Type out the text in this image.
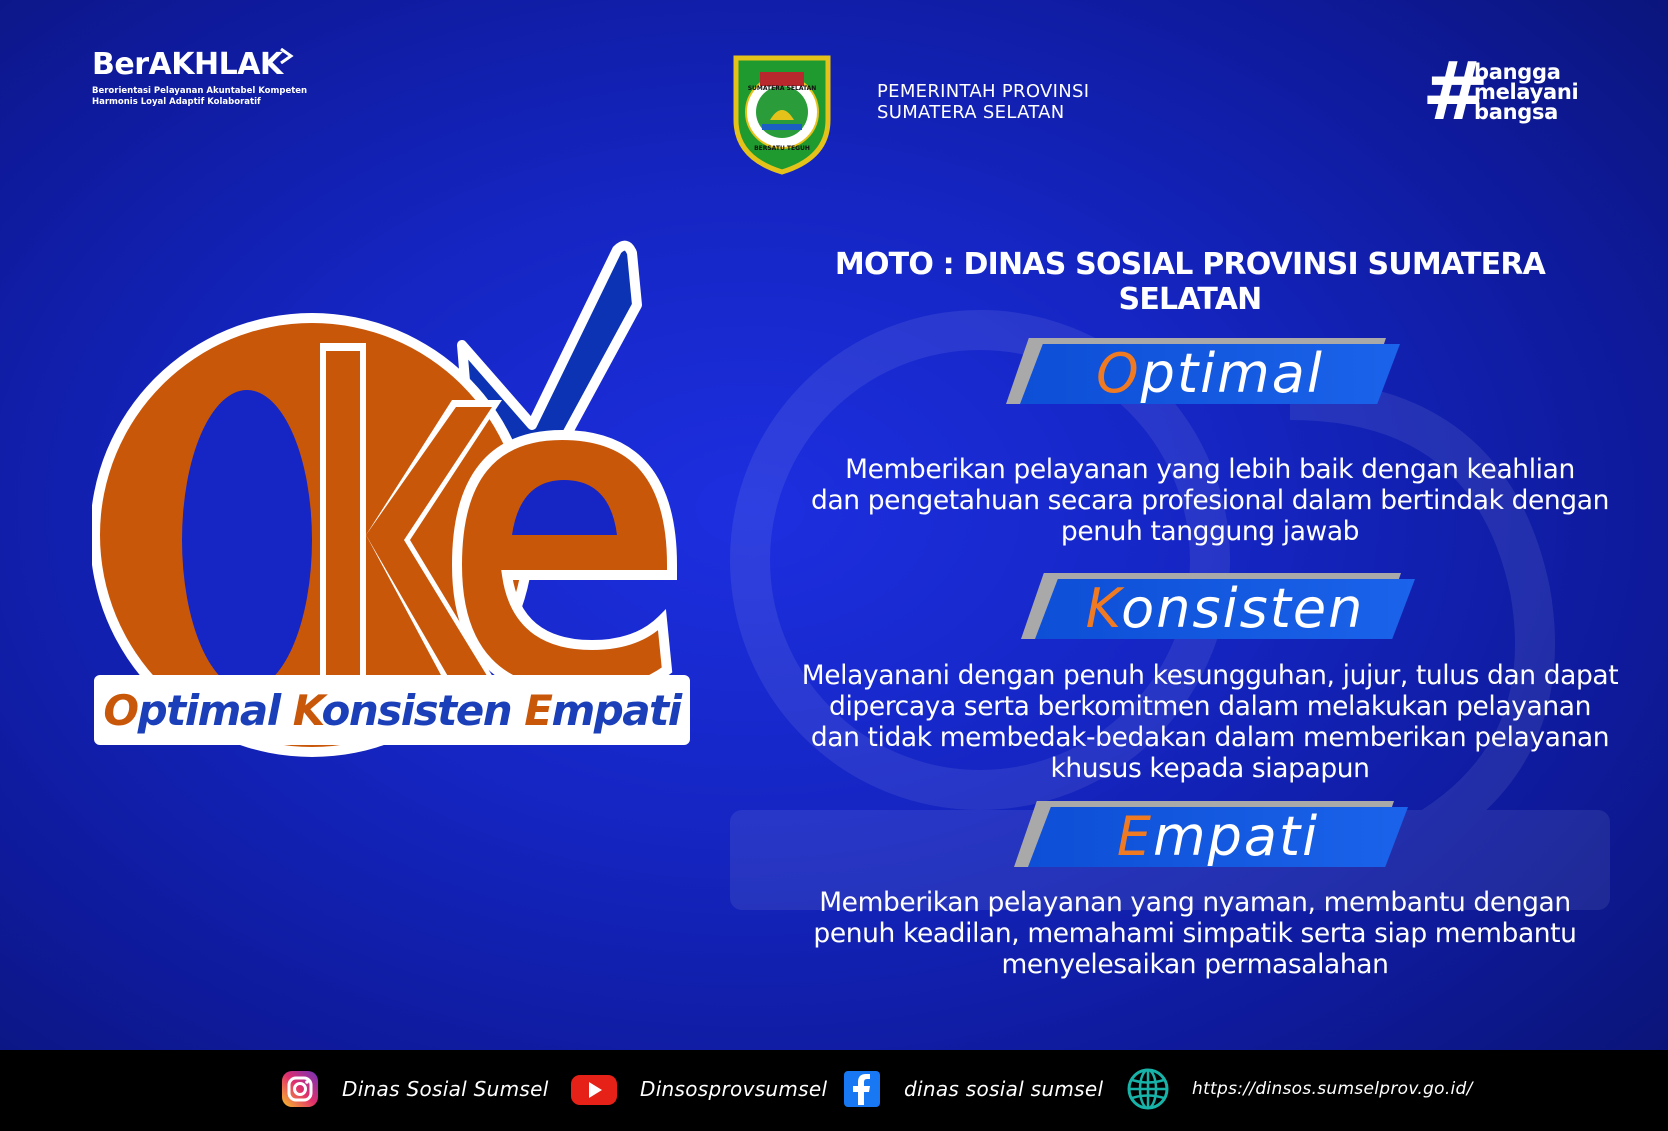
BerAKHLAK
Berorientasi Pelayanan Akuntabel Kompeten
Harmonis Loyal Adaptif Kolaboratif
SUMATERA SELATAN
BERSATU TEGUH
PEMERINTAH PROVINSI
SUMATERA SELATAN	#
bangga
melayani
bangsa
Optimal Konsisten Empati
MOTO : DINAS SOSIAL PROVINSI SUMATERA SELATAN
Optimal
Memberikan pelayanan yang lebih baik dengan keahlian
dan pengetahuan secara profesional dalam bertindak dengan
penuh tanggung jawab
Konsisten
Melayanani dengan penuh kesungguhan, jujur, tulus dan dapat
dipercaya serta berkomitmen dalam melakukan pelayanan
dan tidak membedak-bedakan dalam memberikan pelayanan
khusus kepada siapapun
Empati
Memberikan pelayanan yang nyaman, membantu dengan
penuh keadilan, memahami simpatik serta siap membantu
menyelesaikan permasalahan
Dinas Sosial Sumsel	Dinsosprovsumsel	dinas sosial sumsel	https://dinsos.sumselprov.go.id/
